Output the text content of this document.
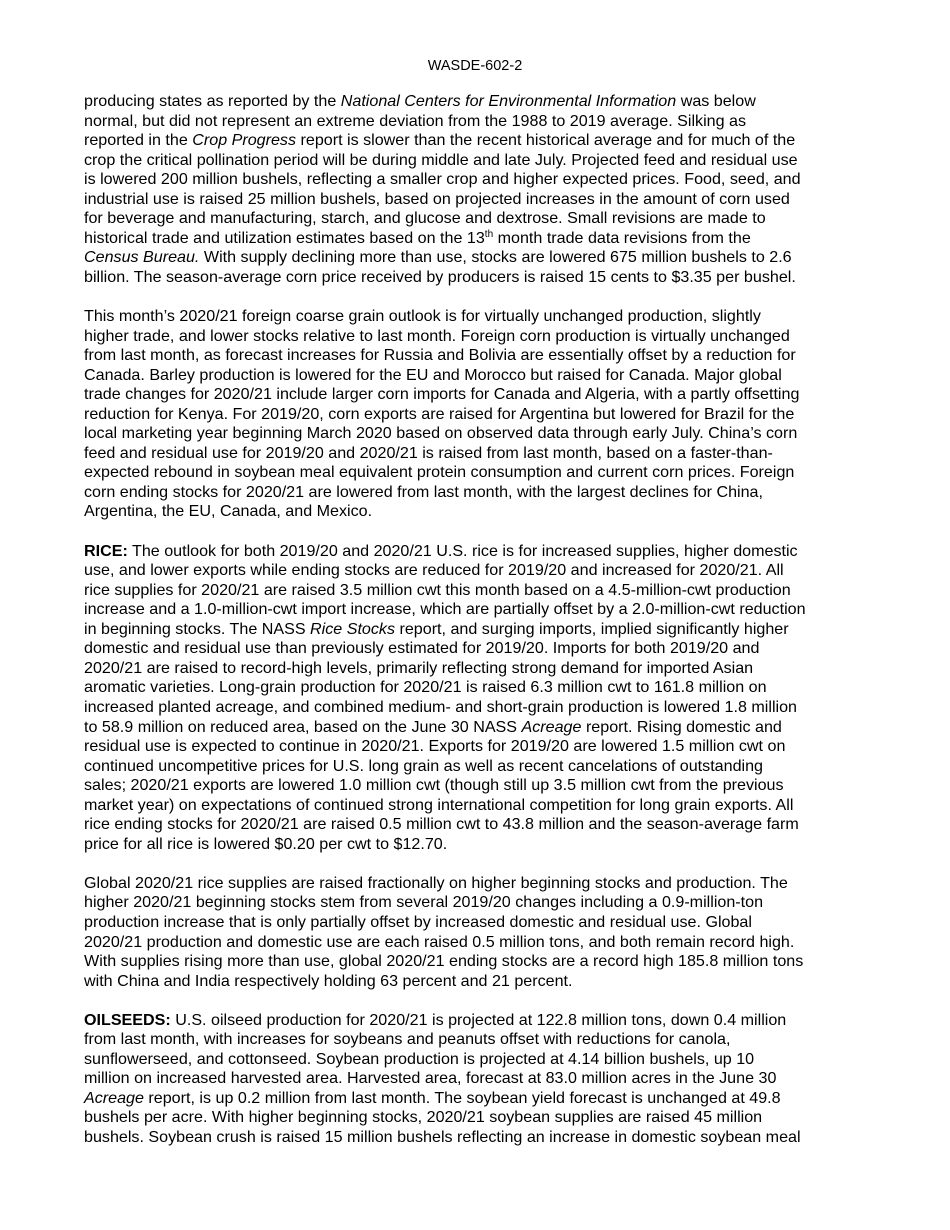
WASDE-602-2
producing states as reported by the National Centers for Environmental Information was below
normal, but did not represent an extreme deviation from the 1988 to 2019 average. Silking as
reported in the Crop Progress report is slower than the recent historical average and for much of the
crop the critical pollination period will be during middle and late July. Projected feed and residual use
is lowered 200 million bushels, reflecting a smaller crop and higher expected prices. Food, seed, and
industrial use is raised 25 million bushels, based on projected increases in the amount of corn used
for beverage and manufacturing, starch, and glucose and dextrose. Small revisions are made to
historical trade and utilization estimates based on the 13th month trade data revisions from the
Census Bureau. With supply declining more than use, stocks are lowered 675 million bushels to 2.6
billion. The season-average corn price received by producers is raised 15 cents to $3.35 per bushel.
This month’s 2020/21 foreign coarse grain outlook is for virtually unchanged production, slightly
higher trade, and lower stocks relative to last month. Foreign corn production is virtually unchanged
from last month, as forecast increases for Russia and Bolivia are essentially offset by a reduction for
Canada. Barley production is lowered for the EU and Morocco but raised for Canada. Major global
trade changes for 2020/21 include larger corn imports for Canada and Algeria, with a partly offsetting
reduction for Kenya. For 2019/20, corn exports are raised for Argentina but lowered for Brazil for the
local marketing year beginning March 2020 based on observed data through early July. China’s corn
feed and residual use for 2019/20 and 2020/21 is raised from last month, based on a faster-than-
expected rebound in soybean meal equivalent protein consumption and current corn prices. Foreign
corn ending stocks for 2020/21 are lowered from last month, with the largest declines for China,
Argentina, the EU, Canada, and Mexico.
RICE: The outlook for both 2019/20 and 2020/21 U.S. rice is for increased supplies, higher domestic
use, and lower exports while ending stocks are reduced for 2019/20 and increased for 2020/21. All
rice supplies for 2020/21 are raised 3.5 million cwt this month based on a 4.5-million-cwt production
increase and a 1.0-million-cwt import increase, which are partially offset by a 2.0-million-cwt reduction
in beginning stocks. The NASS Rice Stocks report, and surging imports, implied significantly higher
domestic and residual use than previously estimated for 2019/20. Imports for both 2019/20 and
2020/21 are raised to record-high levels, primarily reflecting strong demand for imported Asian
aromatic varieties. Long-grain production for 2020/21 is raised 6.3 million cwt to 161.8 million on
increased planted acreage, and combined medium- and short-grain production is lowered 1.8 million
to 58.9 million on reduced area, based on the June 30 NASS Acreage report. Rising domestic and
residual use is expected to continue in 2020/21. Exports for 2019/20 are lowered 1.5 million cwt on
continued uncompetitive prices for U.S. long grain as well as recent cancelations of outstanding
sales; 2020/21 exports are lowered 1.0 million cwt (though still up 3.5 million cwt from the previous
market year) on expectations of continued strong international competition for long grain exports. All
rice ending stocks for 2020/21 are raised 0.5 million cwt to 43.8 million and the season-average farm
price for all rice is lowered $0.20 per cwt to $12.70.
Global 2020/21 rice supplies are raised fractionally on higher beginning stocks and production. The
higher 2020/21 beginning stocks stem from several 2019/20 changes including a 0.9-million-ton
production increase that is only partially offset by increased domestic and residual use. Global
2020/21 production and domestic use are each raised 0.5 million tons, and both remain record high.
With supplies rising more than use, global 2020/21 ending stocks are a record high 185.8 million tons
with China and India respectively holding 63 percent and 21 percent.
OILSEEDS: U.S. oilseed production for 2020/21 is projected at 122.8 million tons, down 0.4 million
from last month, with increases for soybeans and peanuts offset with reductions for canola,
sunflowerseed, and cottonseed. Soybean production is projected at 4.14 billion bushels, up 10
million on increased harvested area. Harvested area, forecast at 83.0 million acres in the June 30
Acreage report, is up 0.2 million from last month. The soybean yield forecast is unchanged at 49.8
bushels per acre. With higher beginning stocks, 2020/21 soybean supplies are raised 45 million
bushels. Soybean crush is raised 15 million bushels reflecting an increase in domestic soybean meal
